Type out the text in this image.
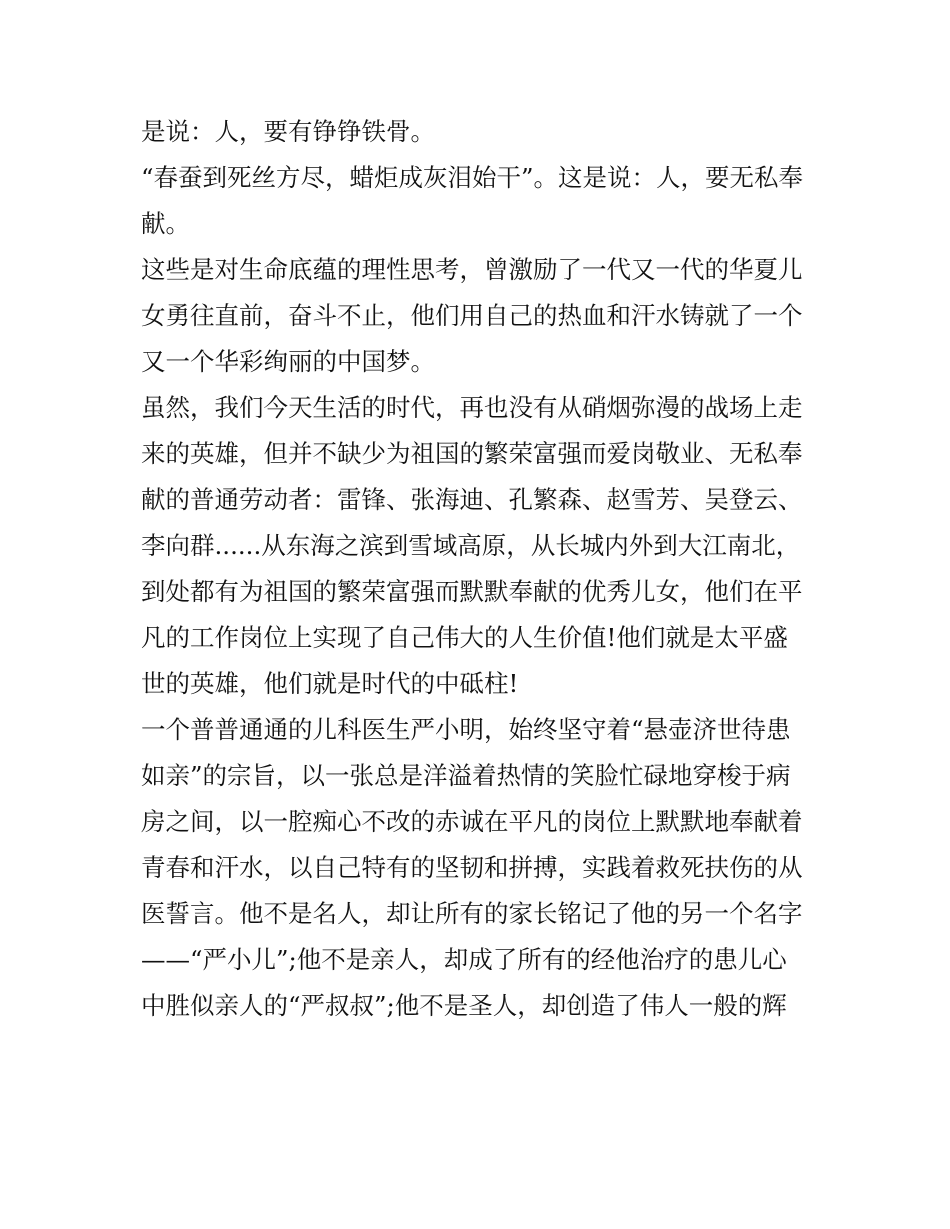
是说：人，要有铮铮铁骨。

“春蚕到死丝方尽，蜡炬成灰泪始干”。这是说：人，要无私奉

献。

这些是对生命底蕴的理性思考，曾激励了一代又一代的华夏儿

女勇往直前，奋斗不止，他们用自己的热血和汗水铸就了一个

又一个华彩绚丽的中国梦。

虽然，我们今天生活的时代，再也没有从硝烟弥漫的战场上走

来的英雄，但并不缺少为祖国的繁荣富强而爱岗敬业、无私奉

献的普通劳动者：雷锋、张海迪、孔繁森、赵雪芳、吴登云、

李向群......从东海之滨到雪域高原，从长城内外到大江南北，

到处都有为祖国的繁荣富强而默默奉献的优秀儿女，他们在平

凡的工作岗位上实现了自己伟大的人生价值!他们就是太平盛

世的英雄，他们就是时代的中砥柱!

一个普普通通的儿科医生严小明，始终坚守着“悬壶济世待患

如亲”的宗旨，以一张总是洋溢着热情的笑脸忙碌地穿梭于病

房之间，以一腔痴心不改的赤诚在平凡的岗位上默默地奉献着

青春和汗水，以自己特有的坚韧和拼搏，实践着救死扶伤的从

医誓言。他不是名人，却让所有的家长铭记了他的另一个名字

——“严小儿”;他不是亲人，却成了所有的经他治疗的患儿心

中胜似亲人的“严叔叔”;他不是圣人，却创造了伟人一般的辉
